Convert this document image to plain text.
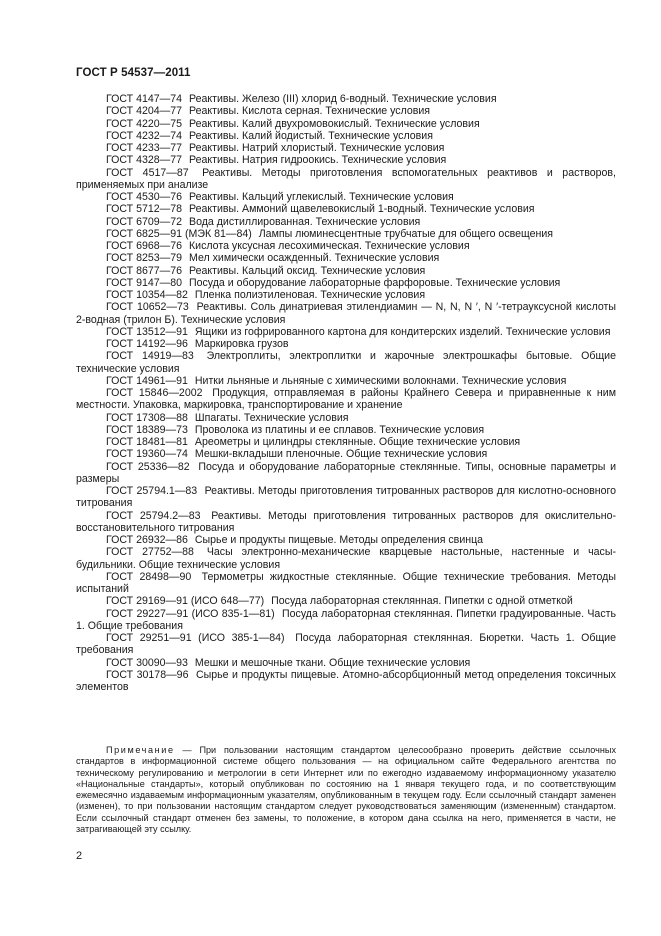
ГОСТ Р 54537—2011

ГОСТ 4147—74 Реактивы. Железо (III) хлорид 6-водный. Технические условия

ГОСТ 4204—77 Реактивы. Кислота серная. Технические условия

ГОСТ 4220—75 Реактивы. Калий двухромовокислый. Технические условия

ГОСТ 4232—74 Реактивы. Калий йодистый. Технические условия

ГОСТ 4233—77 Реактивы. Натрий хлористый. Технические условия

ГОСТ 4328—77 Реактивы. Натрия гидроокись. Технические условия

ГОСТ 4517—87 Реактивы. Методы приготовления вспомогательных реактивов и растворов, применяемых при анализе

ГОСТ 4530—76 Реактивы. Кальций углекислый. Технические условия

ГОСТ 5712—78 Реактивы. Аммоний щавелевокислый 1-водный. Технические условия

ГОСТ 6709—72 Вода дистиллированная. Технические условия

ГОСТ 6825—91 (МЭК 81—84) Лампы люминесцентные трубчатые для общего освещения

ГОСТ 6968—76 Кислота уксусная лесохимическая. Технические условия

ГОСТ 8253—79 Мел химически осажденный. Технические условия

ГОСТ 8677—76 Реактивы. Кальций оксид. Технические условия

ГОСТ 9147—80 Посуда и оборудование лабораторные фарфоровые. Технические условия

ГОСТ 10354—82 Пленка полиэтиленовая. Технические условия

ГОСТ 10652—73 Реактивы. Соль динатриевая этилендиамин — N, N, N ′, N ′-тетрауксусной кислоты 2-водная (трилон Б). Технические условия

ГОСТ 13512—91 Ящики из гофрированного картона для кондитерских изделий. Технические условия

ГОСТ 14192—96 Маркировка грузов

ГОСТ 14919—83 Электроплиты, электроплитки и жарочные электрошкафы бытовые. Общие технические условия

ГОСТ 14961—91 Нитки льняные и льняные с химическими волокнами. Технические условия

ГОСТ 15846—2002 Продукция, отправляемая в районы Крайнего Севера и приравненные к ним местности. Упаковка, маркировка, транспортирование и хранение

ГОСТ 17308—88 Шпагаты. Технические условия

ГОСТ 18389—73 Проволока из платины и ее сплавов. Технические условия

ГОСТ 18481—81 Ареометры и цилиндры стеклянные. Общие технические условия

ГОСТ 19360—74 Мешки-вкладыши пленочные. Общие технические условия

ГОСТ 25336—82 Посуда и оборудование лабораторные стеклянные. Типы, основные параметры и размеры

ГОСТ 25794.1—83 Реактивы. Методы приготовления титрованных растворов для кислотно-основного титрования

ГОСТ 25794.2—83 Реактивы. Методы приготовления титрованных растворов для окислительно-восстановительного титрования

ГОСТ 26932—86 Сырье и продукты пищевые. Методы определения свинца

ГОСТ 27752—88 Часы электронно-механические кварцевые настольные, настенные и часы-будильники. Общие технические условия

ГОСТ 28498—90 Термометры жидкостные стеклянные. Общие технические требования. Методы испытаний

ГОСТ 29169—91 (ИСО 648—77) Посуда лабораторная стеклянная. Пипетки с одной отметкой

ГОСТ 29227—91 (ИСО 835-1—81) Посуда лабораторная стеклянная. Пипетки градуированные. Часть 1. Общие требования

ГОСТ 29251—91 (ИСО 385-1—84) Посуда лабораторная стеклянная. Бюретки. Часть 1. Общие требования

ГОСТ 30090—93 Мешки и мешочные ткани. Общие технические условия

ГОСТ 30178—96 Сырье и продукты пищевые. Атомно-абсорбционный метод определения токсичных элементов

Примечание — При пользовании настоящим стандартом целесообразно проверить действие ссылочных стандартов в информационной системе общего пользования — на официальном сайте Федерального агентства по техническому регулированию и метрологии в сети Интернет или по ежегодно издаваемому информационному указателю «Национальные стандарты», который опубликован по состоянию на 1 января текущего года, и по соответствующим ежемесячно издаваемым информационным указателям, опубликованным в текущем году. Если ссылочный стандарт заменен (изменен), то при пользовании настоящим стандартом следует руководствоваться заменяющим (измененным) стандартом. Если ссылочный стандарт отменен без замены, то положение, в котором дана ссылка на него, применяется в части, не затрагивающей эту ссылку.

2
